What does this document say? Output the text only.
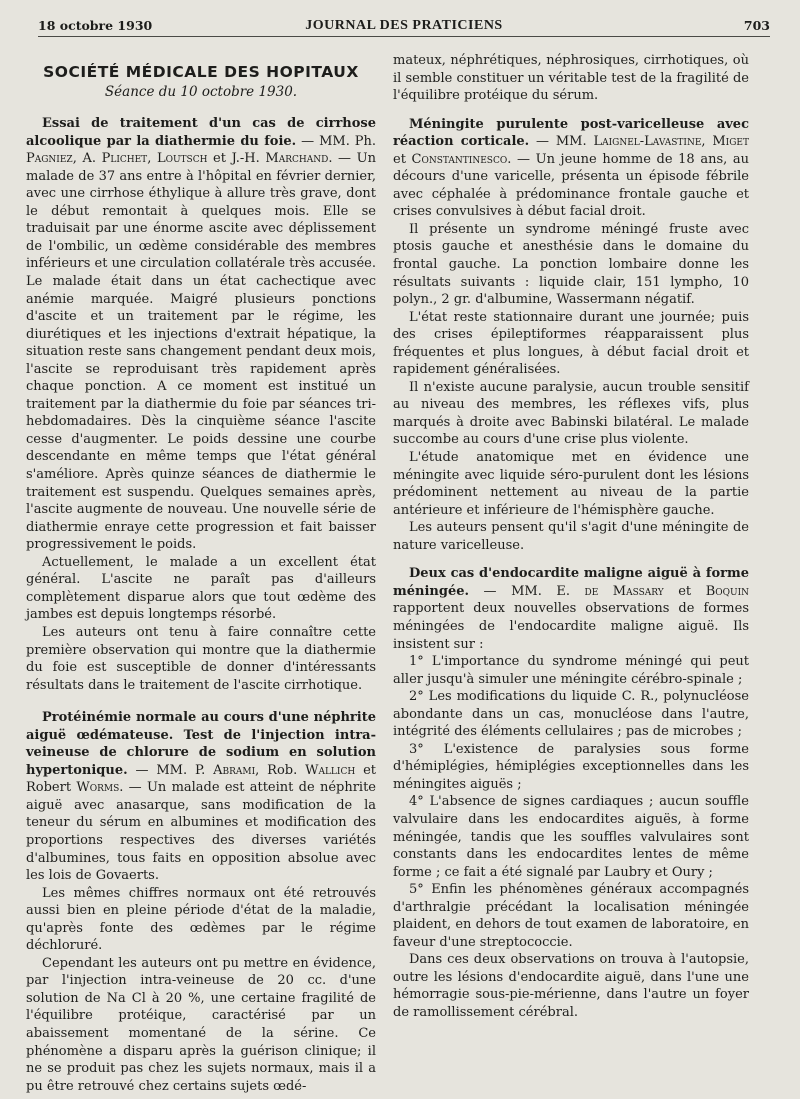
18 octobre 1930	JOURNAL DES PRATICIENS	703

SOCIÉTÉ MÉDICALE DES HOPITAUX

Séance du 10 octobre 1930.

Essai de traitement d'un cas de cirrhose alcoolique par la diathermie du foie. — MM. Ph. Pagniez, A. Plichet, Loutsch et J.-H. Marchand. — Un malade de 37 ans entre à l'hôpital en février dernier, avec une cirrhose éthylique à allure très grave, dont le début remontait à quelques mois. Elle se traduisait par une énorme ascite avec déplissement de l'ombilic, un œdème considérable des membres inférieurs et une circulation collatérale très accusée. Le malade était dans un état cachectique avec anémie marquée. Maigré plusieurs ponctions d'ascite et un traitement par le régime, les diurétiques et les injections d'extrait hépatique, la situation reste sans changement pendant deux mois, l'ascite se reproduisant très rapidement après chaque ponction. A ce moment est institué un traitement par la diathermie du foie par séances tri-hebdomadaires. Dès la cinquième séance l'ascite cesse d'augmenter. Le poids dessine une courbe descendante en même temps que l'état général s'améliore. Après quinze séances de diathermie le traitement est suspendu. Quelques semaines après, l'ascite augmente de nouveau. Une nouvelle série de diathermie enraye cette progression et fait baisser progressivement le poids.

Actuellement, le malade a un excellent état général. L'ascite ne paraît pas d'ailleurs complètement disparue alors que tout œdème des jambes est depuis longtemps résorbé.

Les auteurs ont tenu à faire connaître cette première observation qui montre que la diathermie du foie est susceptible de donner d'intéressants résultats dans le traitement de l'ascite cirrhotique.

Protéinémie normale au cours d'une néphrite aiguë œdémateuse. Test de l'injection intra-veineuse de chlorure de sodium en solution hypertonique. — MM. P. Abrami, Rob. Wallich et Robert Worms. — Un malade est atteint de néphrite aiguë avec anasarque, sans modification de la teneur du sérum en albumines et modification des proportions respectives des diverses variétés d'albumines, tous faits en opposition absolue avec les lois de Govaerts.

Les mêmes chiffres normaux ont été retrouvés aussi bien en pleine période d'état de la maladie, qu'après fonte des œdèmes par le régime déchloruré.

Cependant les auteurs ont pu mettre en évidence, par l'injection intra-veineuse de 20 cc. d'une solution de Na Cl à 20 %, une certaine fragilité de l'équilibre protéique, caractérisé par un abaissement momentané de la sérine. Ce phénomène a disparu après la guérison clinique; il ne se produit pas chez les sujets normaux, mais il a pu être retrouvé chez certains sujets œdé-

mateux, néphrétiques, néphrosiques, cirrhotiques, où il semble constituer un véritable test de la fragilité de l'équilibre protéique du sérum.

Méningite purulente post-varicelleuse avec réaction corticale. — MM. Laignel-Lavastine, Miget et Constantinesco. — Un jeune homme de 18 ans, au décours d'une varicelle, présenta un épisode fébrile avec céphalée à prédominance frontale gauche et crises convulsives à début facial droit.

Il présente un syndrome méningé fruste avec ptosis gauche et anesthésie dans le domaine du frontal gauche. La ponction lombaire donne les résultats suivants : liquide clair, 151 lympho, 10 polyn., 2 gr. d'albumine, Wassermann négatif.

L'état reste stationnaire durant une journée; puis des crises épileptiformes réapparaissent plus fréquentes et plus longues, à début facial droit et rapidement généralisées.

Il n'existe aucune paralysie, aucun trouble sensitif au niveau des membres, les réflexes vifs, plus marqués à droite avec Babinski bilatéral. Le malade succombe au cours d'une crise plus violente.

L'étude anatomique met en évidence une méningite avec liquide séro-purulent dont les lésions prédominent nettement au niveau de la partie antérieure et inférieure de l'hémisphère gauche.

Les auteurs pensent qu'il s'agit d'une méningite de nature varicelleuse.

Deux cas d'endocardite maligne aiguë à forme méningée. — MM. E. de Massary et Boquin rapportent deux nouvelles observations de formes méningées de l'endocardite maligne aiguë. Ils insistent sur :

1° L'importance du syndrome méningé qui peut aller jusqu'à simuler une méningite cérébro-spinale ;

2° Les modifications du liquide C. R., polynucléose abondante dans un cas, monucléose dans l'autre, intégrité des éléments cellulaires ; pas de microbes ;

3° L'existence de paralysies sous forme d'hémiplégies, hémiplégies exceptionnelles dans les méningites aiguës ;

4° L'absence de signes cardiaques ; aucun souffle valvulaire dans les endocardites aiguës, à forme méningée, tandis que les souffles valvulaires sont constants dans les endocardites lentes de même forme ; ce fait a été signalé par Laubry et Oury ;

5° Enfin les phénomènes généraux accompagnés d'arthralgie précédant la localisation méningée plaident, en dehors de tout examen de laboratoire, en faveur d'une streptococcie.

Dans ces deux observations on trouva à l'autopsie, outre les lésions d'endocardite aiguë, dans l'une une hémorragie sous-pie-mérienne, dans l'autre un foyer de ramollissement cérébral.
